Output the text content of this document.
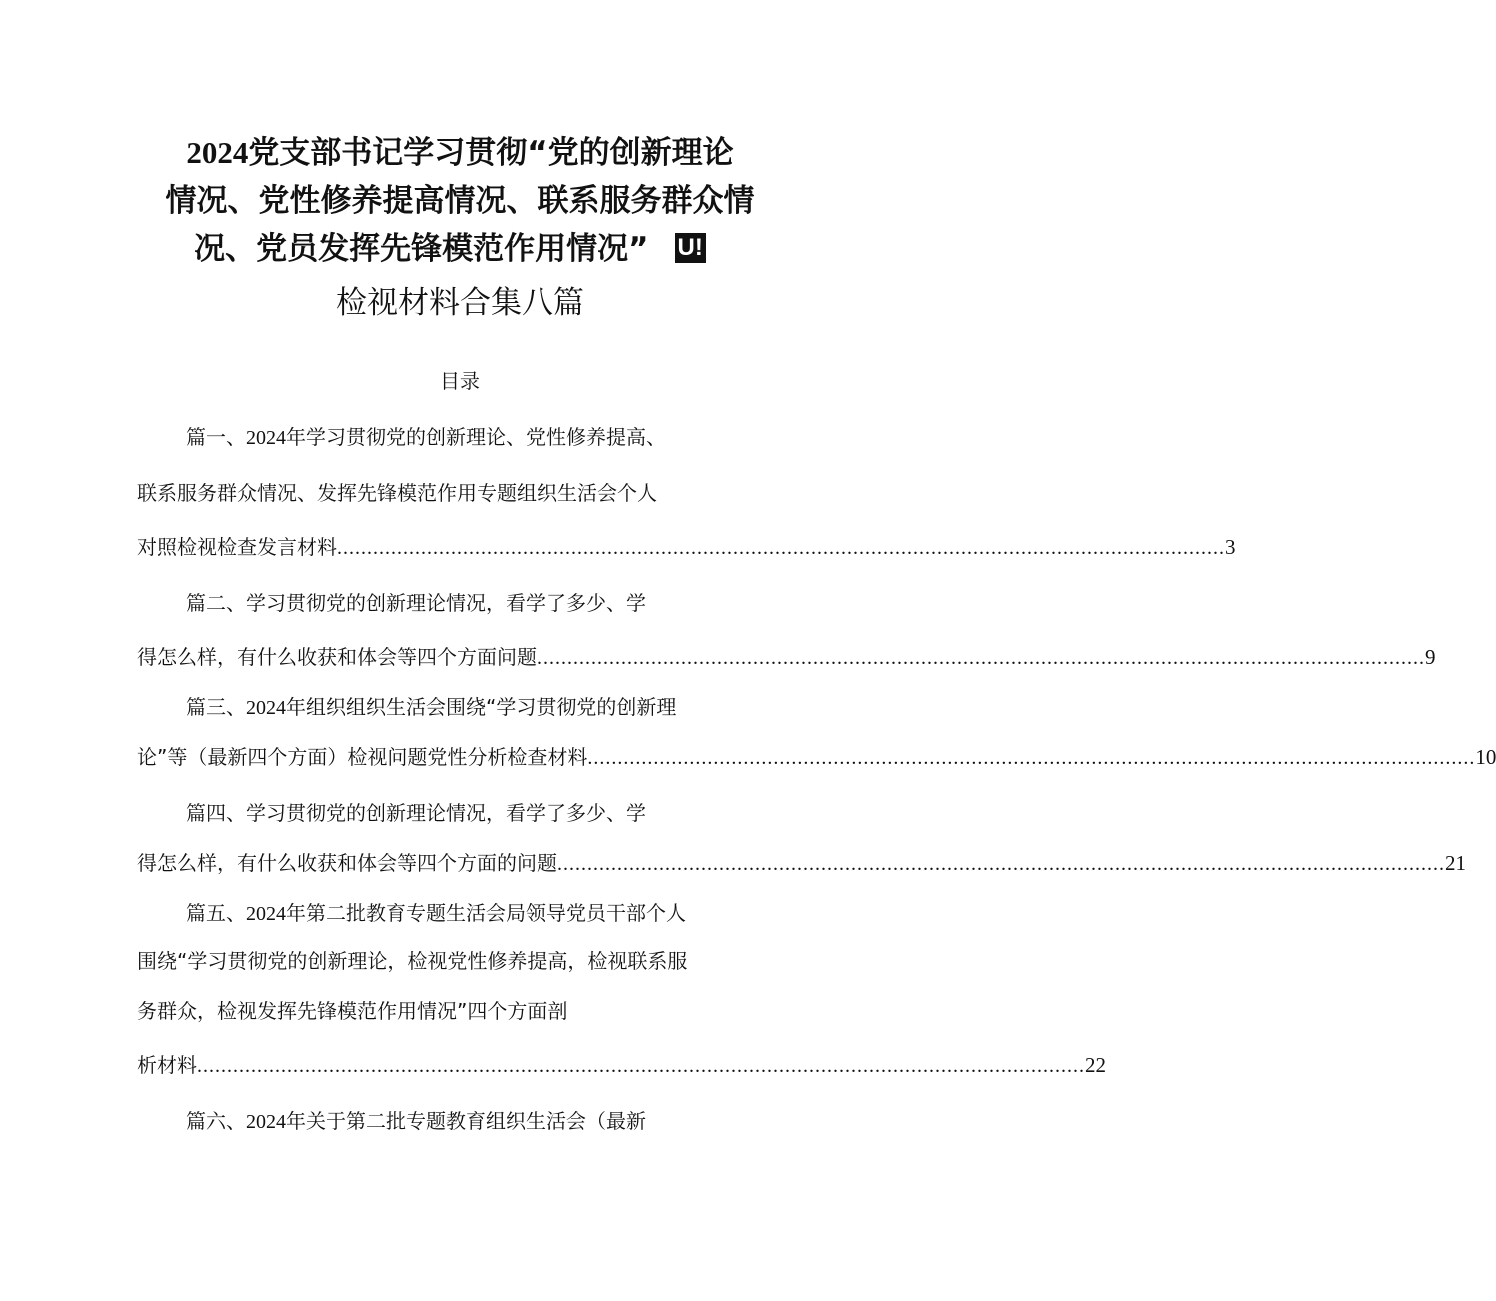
2024党支部书记学习贯彻“党的创新理论
情况、党性修养提高情况、联系服务群众情
况、党员发挥先锋模范作用情况” U!
检视材料合集八篇
目录
篇一、2024年学习贯彻党的创新理论、党性修养提高、
联系服务群众情况、发挥先锋模范作用专题组织生活会个人
对照检视检查发言材料 .................................................................................................................................................... 3
篇二、学习贯彻党的创新理论情况，看学了多少、学
得怎么样，有什么收获和体会等四个方面问题 .................................................................................................................................................... 9
篇三、2024年组织组织生活会围绕“学习贯彻党的创新理
论”等（最新四个方面）检视问题党性分析检查材料 .................................................................................................................................................... 10
篇四、学习贯彻党的创新理论情况，看学了多少、学
得怎么样，有什么收获和体会等四个方面的问题 .................................................................................................................................................... 21
篇五、2024年第二批教育专题生活会局领导党员干部个人
围绕“学习贯彻党的创新理论，检视党性修养提高，检视联系服
务群众，检视发挥先锋模范作用情况”四个方面剖
析材料 .................................................................................................................................................... 22
篇六、2024年关于第二批专题教育组织生活会（最新
